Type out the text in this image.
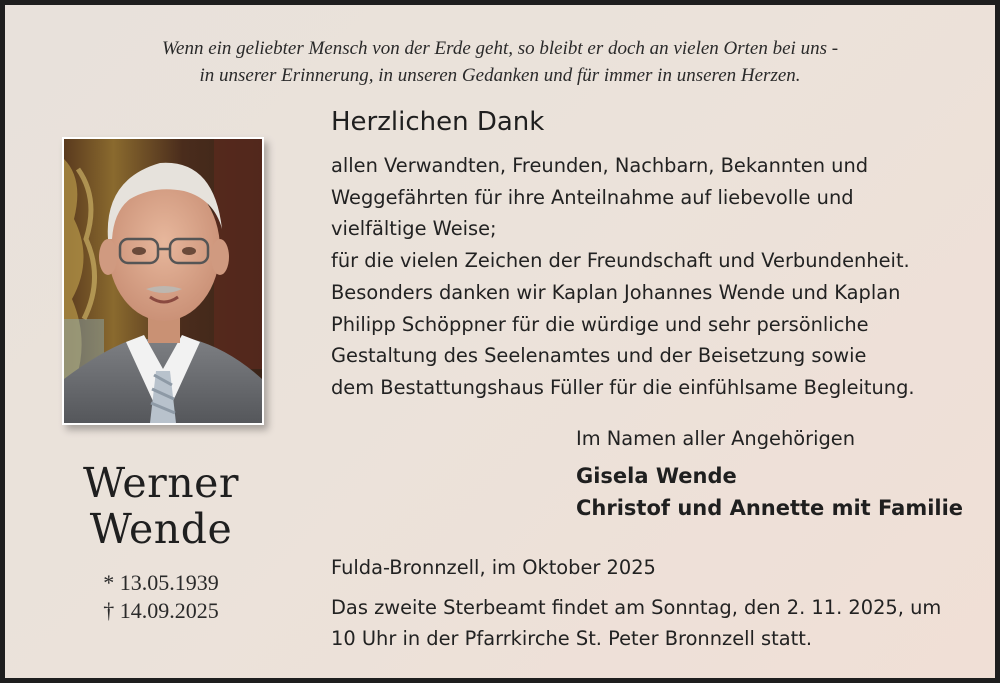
Wenn ein geliebter Mensch von der Erde geht, so bleibt er doch an vielen Orten bei uns -
in unserer Erinnerung, in unseren Gedanken und für immer in unseren Herzen.
Werner
Wende
* 13.05.1939
† 14.09.2025
Herzlichen Dank
allen Verwandten, Freunden, Nachbarn, Bekannten und
Weggefährten für ihre Anteilnahme auf liebevolle und
vielfältige Weise;
für die vielen Zeichen der Freundschaft und Verbundenheit.
Besonders danken wir Kaplan Johannes Wende und Kaplan
Philipp Schöppner für die würdige und sehr persönliche
Gestaltung des Seelenamtes und der Beisetzung sowie
dem Bestattungshaus Füller für die einfühlsame Begleitung.
Im Namen aller Angehörigen
Gisela Wende
Christof und Annette mit Familie
Fulda-Bronnzell, im Oktober 2025
Das zweite Sterbeamt findet am Sonntag, den 2. 11. 2025, um
10 Uhr in der Pfarrkirche St. Peter Bronnzell statt.
